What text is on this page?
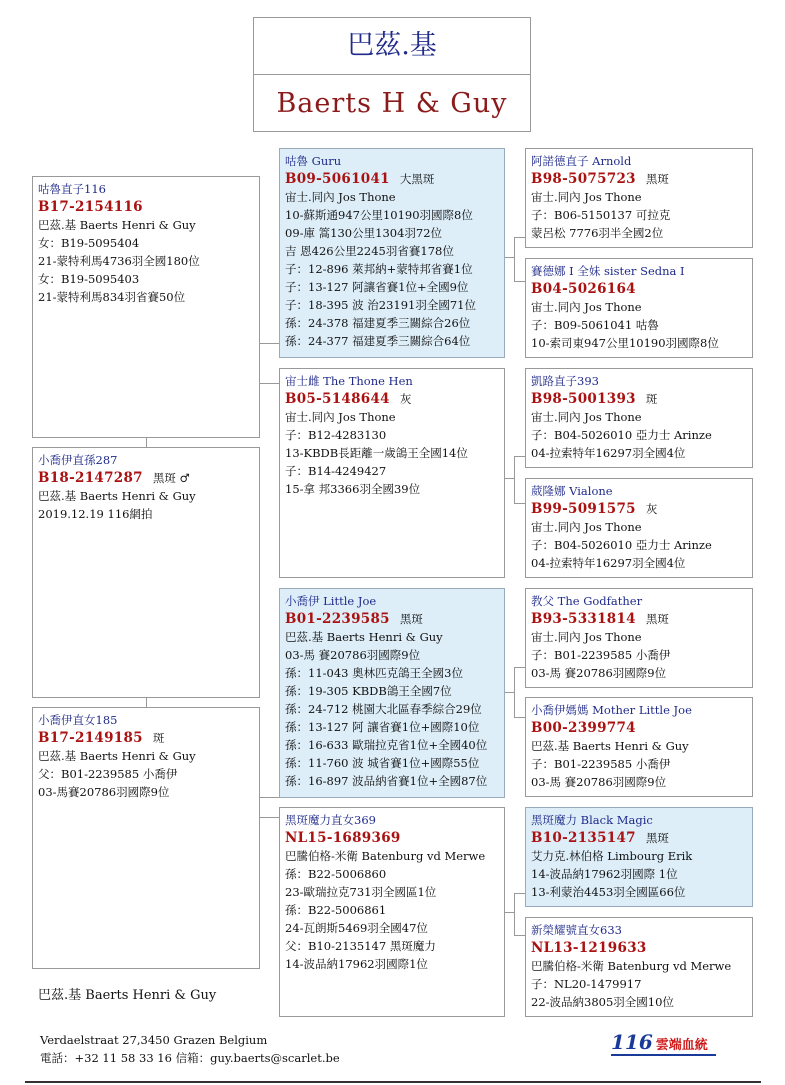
巴茲.基
Baerts H & Guy
咕魯直子116
B17-2154116
巴茲.基 Baerts Henri & Guy
女：B19-5095404
21-蒙特利馬4736羽全國180位
女：B19-5095403
21-蒙特利馬834羽省賽50位
小喬伊直孫287
B18-2147287 黑斑 ♂
巴茲.基 Baerts Henri & Guy
2019.12.19 116網拍
小喬伊直女185
B17-2149185 斑
巴茲.基 Baerts Henri & Guy
父：B01-2239585 小喬伊
03-馬賽20786羽國際9位
巴茲.基 Baerts Henri & Guy
咕魯 Guru
B09-5061041 大黑斑
宙士.同內 Jos Thone
10-蘇斯通947公里10190羽國際8位
09-庫 篙130公里1304羽72位
吉 恩426公里2245羽省賽178位
子：12-896 萊邦納+蒙特邦省賽1位
子：13-127 阿讓省賽1位+全國9位
子：18-395 波 治23191羽全國71位
孫：24-378 福建夏季三關綜合26位
孫：24-377 福建夏季三關綜合64位
宙士雌 The Thone Hen
B05-5148644 灰
宙士.同內 Jos Thone
子：B12-4283130
13-KBDB長距離一歲鴿王全國14位
子：B14-4249427
15-拿 邦3366羽全國39位
小喬伊 Little Joe
B01-2239585 黑斑
巴茲.基 Baerts Henri & Guy
03-馬 賽20786羽國際9位
孫：11-043 奧林匹克鴿王全國3位
孫：19-305 KBDB鴿王全國7位
孫：24-712 桃園大北區春季綜合29位
孫：13-127 阿 讓省賽1位+國際10位
孫：16-633 歐瑞拉克省1位+全國40位
孫：11-760 波 城省賽1位+國際55位
孫：16-897 波品納省賽1位+全國87位
黑斑魔力直女369
NL15-1689369
巴騰伯格-米衛 Batenburg vd Merwe
孫：B22-5006860
23-歐瑞拉克731羽全國區1位
孫：B22-5006861
24-瓦朗斯5469羽全國47位
父：B10-2135147 黑斑魔力
14-波品納17962羽國際1位
阿諾德直子 Arnold
B98-5075723 黑斑
宙士.同內 Jos Thone
子：B06-5150137 可拉克
蒙呂松 7776羽半全國2位
賽德娜 I 全妹 sister Sedna I
B04-5026164
宙士.同內 Jos Thone
子：B09-5061041 咕魯
10-索司東947公里10190羽國際8位
凱路直子393
B98-5001393 斑
宙士.同內 Jos Thone
子：B04-5026010 亞力士 Arinze
04-拉索特年16297羽全國4位
葳隆娜 Vialone
B99-5091575 灰
宙士.同內 Jos Thone
子：B04-5026010 亞力士 Arinze
04-拉索特年16297羽全國4位
教父 The Godfather
B93-5331814 黑斑
宙士.同內 Jos Thone
子：B01-2239585 小喬伊
03-馬 賽20786羽國際9位
小喬伊媽媽 Mother Little Joe
B00-2399774
巴茲.基 Baerts Henri & Guy
子：B01-2239585 小喬伊
03-馬 賽20786羽國際9位
黑斑魔力 Black Magic
B10-2135147 黑斑
艾力克.林伯格 Limbourg Erik
14-波品納17962羽國際 1位
13-利蒙治4453羽全國區66位
新榮耀號直女633
NL13-1219633
巴騰伯格-米衛 Batenburg vd Merwe
子：NL20-1479917
22-波品納3805羽全國10位
Verdaelstraat 27,3450 Grazen Belgium
電話：+32 11 58 33 16 信箱：guy.baerts@scarlet.be
116 雲端血統
